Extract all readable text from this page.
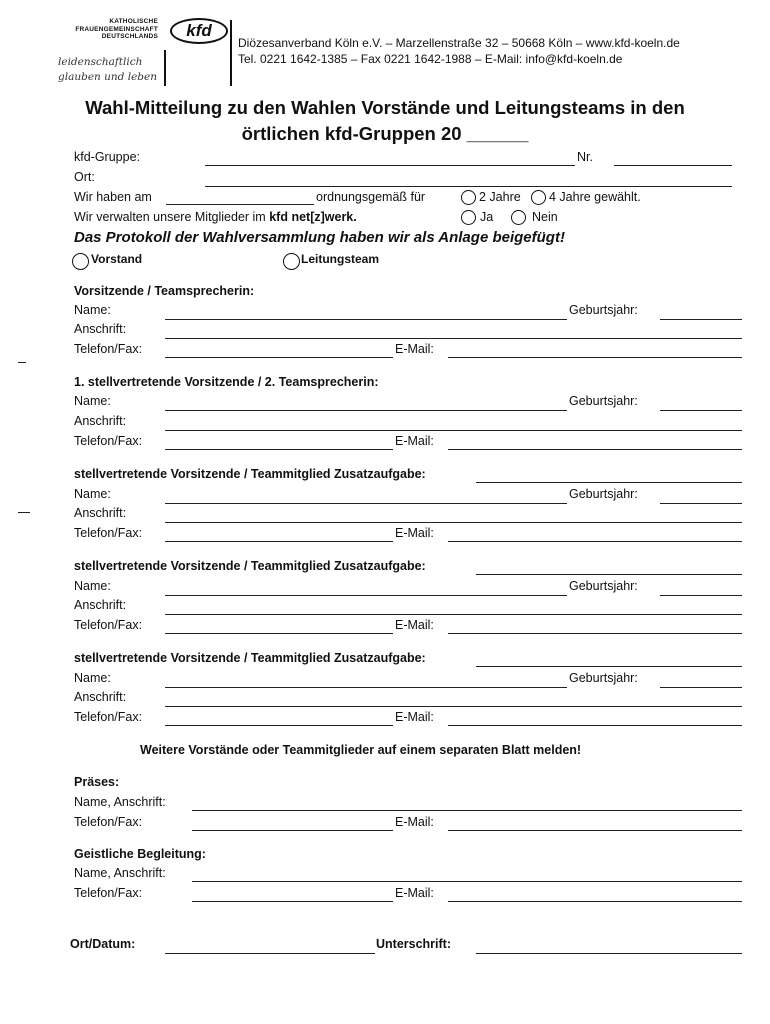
KATHOLISCHE
FRAUENGEMEINSCHAFT
DEUTSCHLANDS	kfd
leidenschaftlich
glauben und leben
Diözesanverband Köln e.V. – Marzellenstraße 32 – 50668 Köln – www.kfd-koeln.de
Tel. 0221 1642-1385 – Fax 0221 1642-1988 – E-Mail: info@kfd-koeln.de
Wahl-Mitteilung zu den Wahlen Vorstände und Leitungsteams in den
örtlichen kfd-Gruppen 20 ______
kfd-Gruppe:	Nr.
Ort:
Wir haben am	ordnungsgemäß für	2 Jahre 4 Jahre gewählt.
Wir verwalten unsere Mitglieder im kfd net[z]werk.	Ja	Nein
Das Protokoll der Wahlversammlung haben wir als Anlage beigefügt!
Vorstand	Leitungsteam
Vorsitzende / Teamsprecherin:
Name:	Geburtsjahr:
Anschrift:
Telefon/Fax:	E-Mail:
1. stellvertretende Vorsitzende / 2. Teamsprecherin:
Name:	Geburtsjahr:
Anschrift:
Telefon/Fax:	E-Mail:
stellvertretende Vorsitzende / Teammitglied Zusatzaufgabe:
Name:	Geburtsjahr:
Anschrift:
Telefon/Fax:	E-Mail:
stellvertretende Vorsitzende / Teammitglied Zusatzaufgabe:
Name:	Geburtsjahr:
Anschrift:
Telefon/Fax:	E-Mail:
stellvertretende Vorsitzende / Teammitglied Zusatzaufgabe:
Name:	Geburtsjahr:
Anschrift:
Telefon/Fax:	E-Mail:
Weitere Vorstände oder Teammitglieder auf einem separaten Blatt melden!
Präses:
Name, Anschrift:
Telefon/Fax:	E-Mail:
Geistliche Begleitung:
Name, Anschrift:
Telefon/Fax:	E-Mail:
Ort/Datum:	Unterschrift:
